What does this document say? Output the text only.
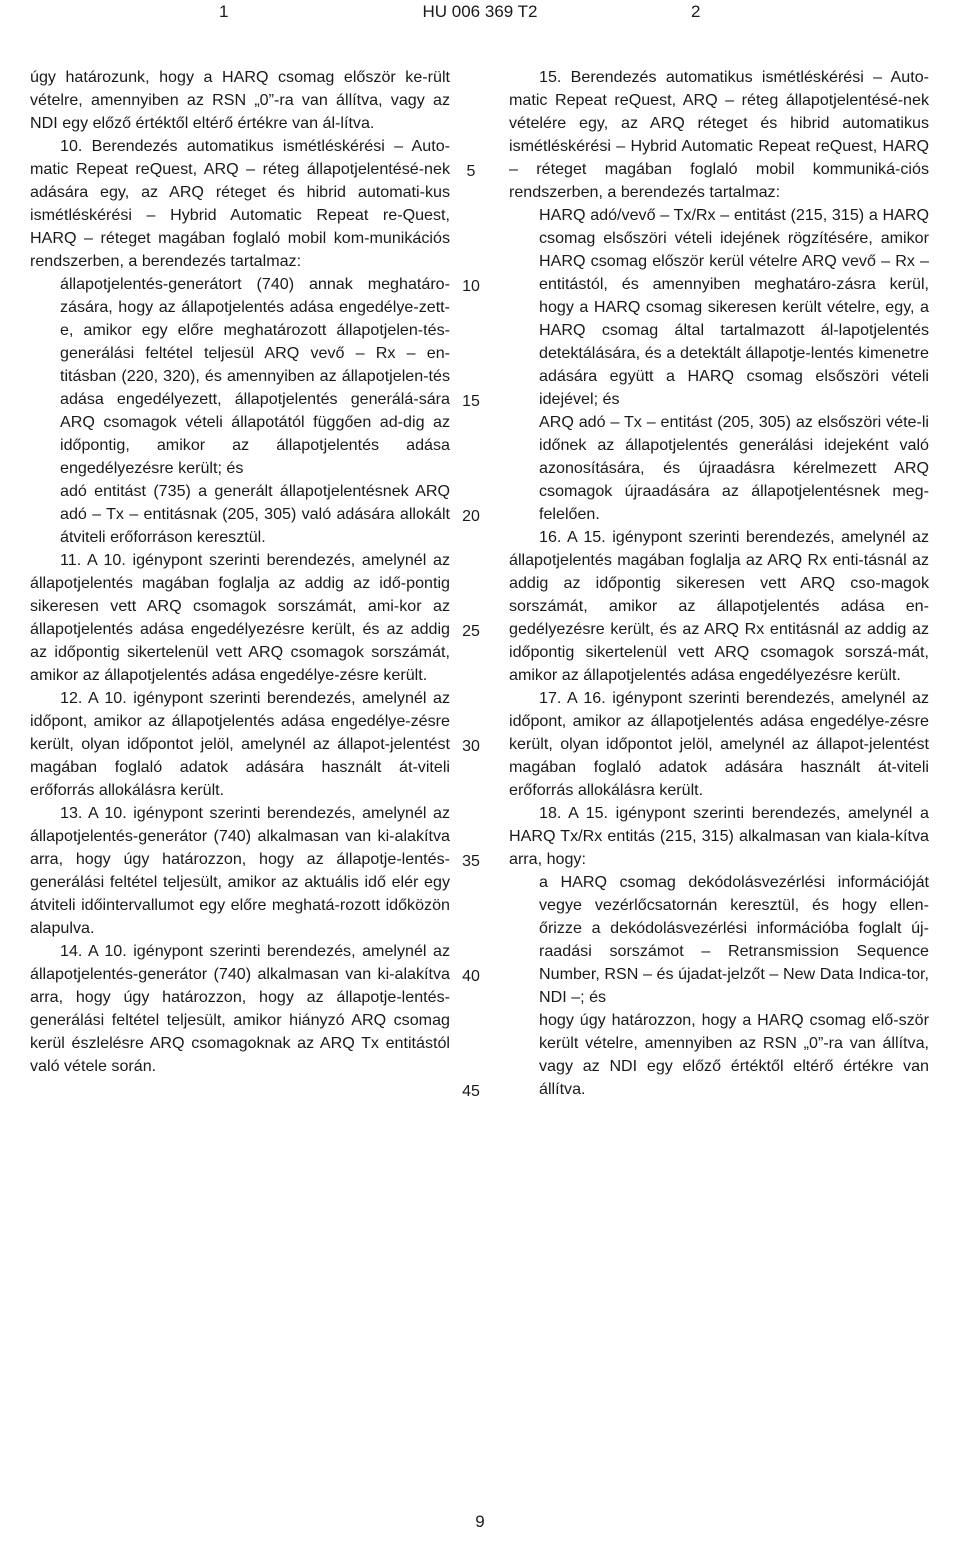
1	HU 006 369 T2	2

úgy határozunk, hogy a HARQ csomag először ke-rült vételre, amennyiben az RSN „0”-ra van állítva, vagy az NDI egy előző értéktől eltérő értékre van ál-lítva.

10. Berendezés automatikus ismétléskérési – Auto-matic Repeat reQuest, ARQ – réteg állapotjelentésé-nek adására egy, az ARQ réteget és hibrid automati-kus ismétléskérési – Hybrid Automatic Repeat re-Quest, HARQ – réteget magában foglaló mobil kom-munikációs rendszerben, a berendezés tartalmaz:

állapotjelentés-generátort (740) annak meghatáro-zására, hogy az állapotjelentés adása engedélye-zett-e, amikor egy előre meghatározott állapotjelen-tés-generálási feltétel teljesül ARQ vevő – Rx – en-titásban (220, 320), és amennyiben az állapotjelen-tés adása engedélyezett, állapotjelentés generálá-sára ARQ csomagok vételi állapotától függően ad-dig az időpontig, amikor az állapotjelentés adása engedélyezésre került; és

adó entitást (735) a generált állapotjelentésnek ARQ adó – Tx – entitásnak (205, 305) való adására allokált átviteli erőforráson keresztül.

11. A 10. igénypont szerinti berendezés, amelynél az állapotjelentés magában foglalja az addig az idő-pontig sikeresen vett ARQ csomagok sorszámát, ami-kor az állapotjelentés adása engedélyezésre került, és az addig az időpontig sikertelenül vett ARQ csomagok sorszámát, amikor az állapotjelentés adása engedélye-zésre került.

12. A 10. igénypont szerinti berendezés, amelynél az időpont, amikor az állapotjelentés adása engedélye-zésre került, olyan időpontot jelöl, amelynél az állapot-jelentést magában foglaló adatok adására használt át-viteli erőforrás allokálásra került.

13. A 10. igénypont szerinti berendezés, amelynél az állapotjelentés-generátor (740) alkalmasan van ki-alakítva arra, hogy úgy határozzon, hogy az állapotje-lentés-generálási feltétel teljesült, amikor az aktuális idő elér egy átviteli időintervallumot egy előre meghatá-rozott időközön alapulva.

14. A 10. igénypont szerinti berendezés, amelynél az állapotjelentés-generátor (740) alkalmasan van ki-alakítva arra, hogy úgy határozzon, hogy az állapotje-lentés-generálási feltétel teljesült, amikor hiányzó ARQ csomag kerül észlelésre ARQ csomagoknak az ARQ Tx entitástól való vétele során.

15. Berendezés automatikus ismétléskérési – Auto-matic Repeat reQuest, ARQ – réteg állapotjelentésé-nek vételére egy, az ARQ réteget és hibrid automatikus ismétléskérési – Hybrid Automatic Repeat reQuest, HARQ – réteget magában foglaló mobil kommuniká-ciós rendszerben, a berendezés tartalmaz:

HARQ adó/vevő – Tx/Rx – entitást (215, 315) a HARQ csomag elsőszöri vételi idejének rögzítésére, amikor HARQ csomag először kerül vételre ARQ vevő – Rx – entitástól, és amennyiben meghatáro-zásra kerül, hogy a HARQ csomag sikeresen került vételre, egy, a HARQ csomag által tartalmazott ál-lapotjelentés detektálására, és a detektált állapotje-lentés kimenetre adására együtt a HARQ csomag elsőszöri vételi idejével; és

ARQ adó – Tx – entitást (205, 305) az elsőszöri véte-li időnek az állapotjelentés generálási idejeként való azonosítására, és újraadásra kérelmezett ARQ csomagok újraadására az állapotjelentésnek meg-felelően.

16. A 15. igénypont szerinti berendezés, amelynél az állapotjelentés magában foglalja az ARQ Rx enti-tásnál az addig az időpontig sikeresen vett ARQ cso-magok sorszámát, amikor az állapotjelentés adása en-gedélyezésre került, és az ARQ Rx entitásnál az addig az időpontig sikertelenül vett ARQ csomagok sorszá-mát, amikor az állapotjelentés adása engedélyezésre került.

17. A 16. igénypont szerinti berendezés, amelynél az időpont, amikor az állapotjelentés adása engedélye-zésre került, olyan időpontot jelöl, amelynél az állapot-jelentést magában foglaló adatok adására használt át-viteli erőforrás allokálásra került.

18. A 15. igénypont szerinti berendezés, amelynél a HARQ Tx/Rx entitás (215, 315) alkalmasan van kiala-kítva arra, hogy:

a HARQ csomag dekódolásvezérlési információját vegye vezérlőcsatornán keresztül, és hogy ellen-őrizze a dekódolásvezérlési információba foglalt új-raadási sorszámot – Retransmission Sequence Number, RSN – és újadat-jelzőt – New Data Indica-tor, NDI –; és

hogy úgy határozzon, hogy a HARQ csomag elő-ször került vételre, amennyiben az RSN „0”-ra van állítva, vagy az NDI egy előző értéktől eltérő értékre van állítva.

5
10
15
20
25
30
35
40
45
9
